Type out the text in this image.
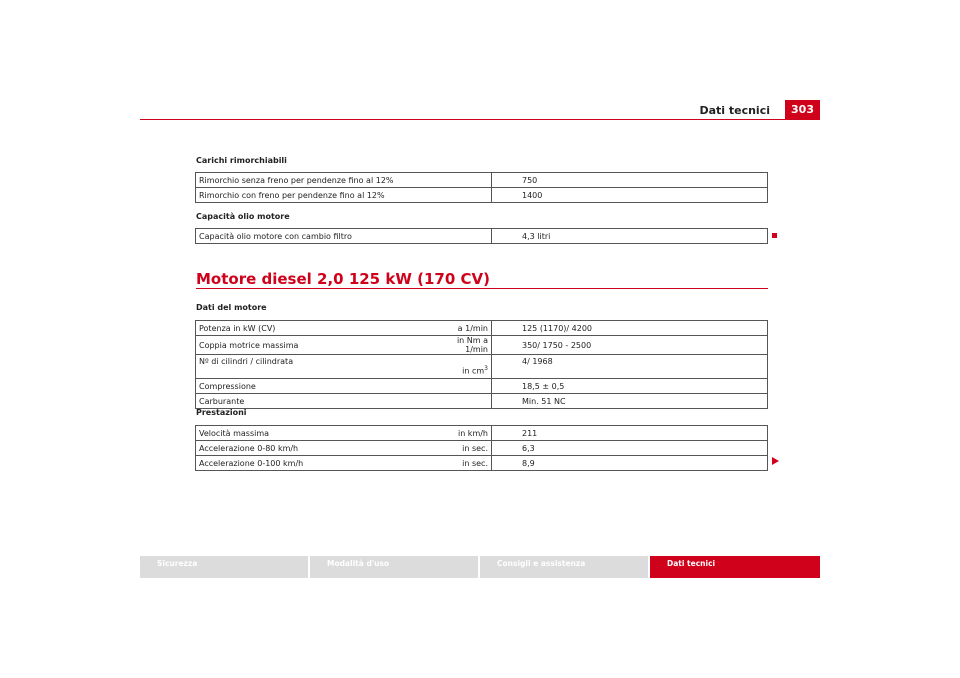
Dati tecnici	303
Carichi rimorchiabili
Rimorchio senza freno per pendenze fino al 12%		750
Rimorchio con freno per pendenze fino al 12%		1400
Capacità olio motore
Capacità olio motore con cambio filtro		4,3 litri
Motore diesel 2,0 125 kW (170 CV)
Dati del motore
Potenza in kW (CV)	a 1/min	125 (1170)/ 4200
Coppia motrice massima	in Nm a 1/min	350/ 1750 - 2500
Nº di cilindri / cilindrata	in $cm^3$	4/ 1968
Compressione		18,5 ± 0,5
Carburante		Min. 51 NC
Prestazioni
Velocità massima	in km/h	211
Accelerazione 0-80 km/h	in sec.	6,3
Accelerazione 0-100 km/h	in sec.	8,9
Sicurezza	Modalità d'uso	Consigli e assistenza	Dati tecnici
